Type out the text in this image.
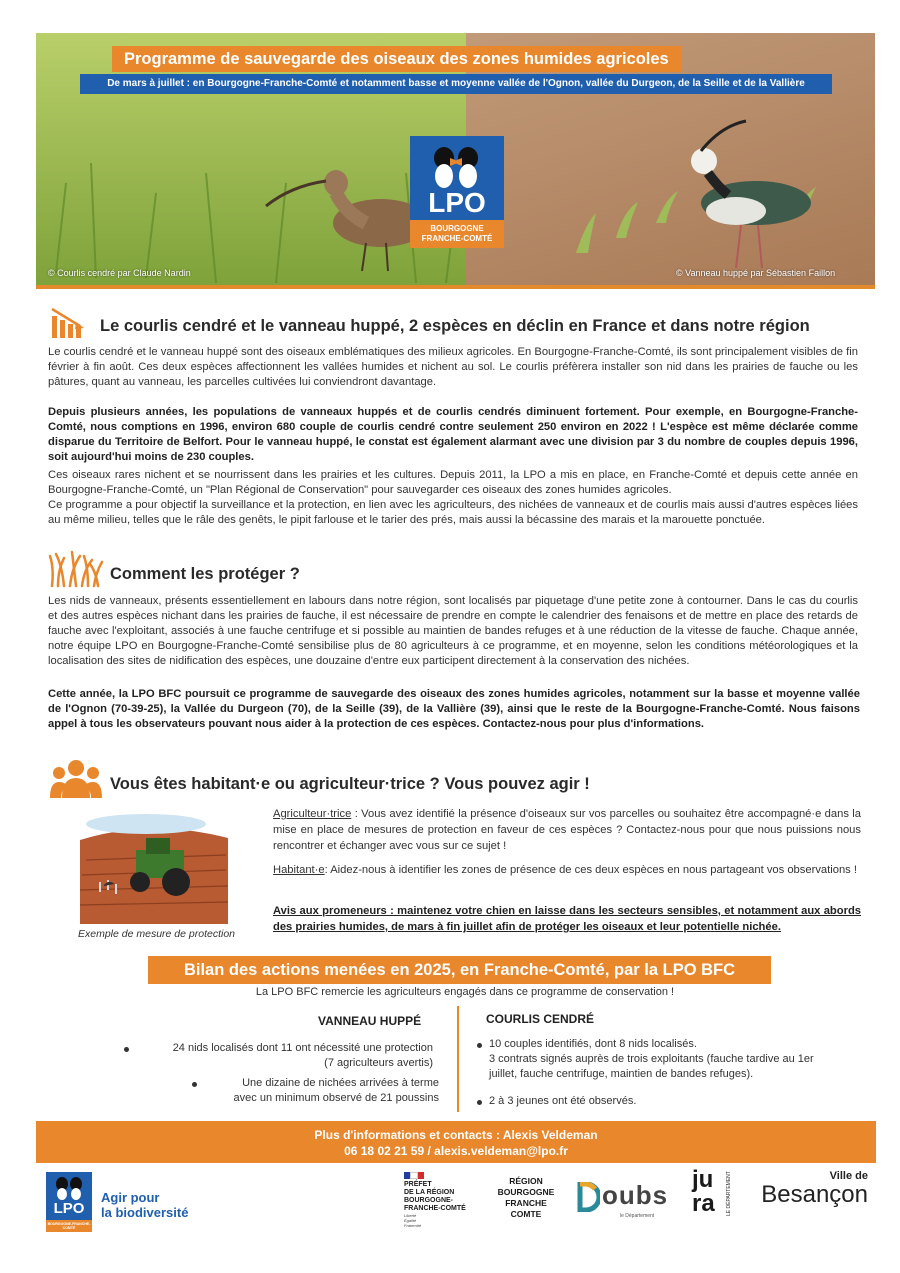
Programme de sauvegarde des oiseaux des zones humides agricoles
De mars à juillet : en Bourgogne-Franche-Comté et notamment basse et moyenne vallée de l'Ognon, vallée du Durgeon, de la Seille et de la Vallière
LPO
BOURGOGNE
FRANCHE-COMTÉ
© Courlis cendré par Claude Nardin	© Vanneau huppé par Sébastien Faillon
Le courlis cendré et le vanneau huppé, 2 espèces en déclin en France et dans notre région
Le courlis cendré et le vanneau huppé sont des oiseaux emblématiques des milieux agricoles. En Bourgogne-Franche-Comté, ils sont principalement visibles de fin février à fin août. Ces deux espèces affectionnent les vallées humides et nichent au sol. Le courlis préfèrera installer son nid dans les prairies de fauche ou les pâtures, quant au vanneau, les parcelles cultivées lui conviendront davantage.
Depuis plusieurs années, les populations de vanneaux huppés et de courlis cendrés diminuent fortement. Pour exemple, en Bourgogne-Franche-Comté, nous comptions en 1996, environ 680 couple de courlis cendré contre seulement 250 environ en 2022 ! L'espèce est même déclarée comme disparue du Territoire de Belfort. Pour le vanneau huppé, le constat est également alarmant avec une division par 3 du nombre de couples depuis 1996, soit aujourd'hui moins de 230 couples.
Ces oiseaux rares nichent et se nourrissent dans les prairies et les cultures. Depuis 2011, la LPO a mis en place, en Franche-Comté et depuis cette année en Bourgogne-Franche-Comté, un "Plan Régional de Conservation" pour sauvegarder ces oiseaux des zones humides agricoles.
Ce programme a pour objectif la surveillance et la protection, en lien avec les agriculteurs, des nichées de vanneaux et de courlis mais aussi d'autres espèces liées au même milieu, telles que le râle des genêts, le pipit farlouse et le tarier des prés, mais aussi la bécassine des marais et la marouette ponctuée.
Comment les protéger ?
Les nids de vanneaux, présents essentiellement en labours dans notre région, sont localisés par piquetage d'une petite zone à contourner. Dans le cas du courlis et des autres espèces nichant dans les prairies de fauche, il est nécessaire de prendre en compte le calendrier des fenaisons et de mettre en place des retards de fauche avec l'exploitant, associés à une fauche centrifuge et si possible au maintien de bandes refuges et à une réduction de la vitesse de fauche. Chaque année, notre équipe LPO en Bourgogne-Franche-Comté sensibilise plus de 80 agriculteurs à ce programme, et en moyenne, selon les conditions météorologiques et la localisation des sites de nidification des espèces, une douzaine d'entre eux participent directement à la conservation des nichées.
Cette année, la LPO BFC poursuit ce programme de sauvegarde des oiseaux des zones humides agricoles, notamment sur la basse et moyenne vallée de l'Ognon (70-39-25), la Vallée du Durgeon (70), de la Seille (39), de la Vallière (39), ainsi que le reste de la Bourgogne-Franche-Comté. Nous faisons appel à tous les observateurs pouvant nous aider à la protection de ces espèces. Contactez-nous pour plus d'informations.
Vous êtes habitant·e ou agriculteur·trice ? Vous pouvez agir !
Exemple de mesure de protection
Agriculteur·trice : Vous avez identifié la présence d'oiseaux sur vos parcelles ou souhaitez être accompagné·e dans la mise en place de mesures de protection en faveur de ces espèces ? Contactez-nous pour que nous puissions nous rencontrer et échanger avec vous sur ce sujet !
Habitant·e: Aidez-nous à identifier les zones de présence de ces deux espèces en nous partageant vos observations !
Avis aux promeneurs : maintenez votre chien en laisse dans les secteurs sensibles, et notamment aux abords des prairies humides, de mars à fin juillet afin de protéger les oiseaux et leur potentielle nichée.
Bilan des actions menées en 2025, en Franche-Comté, par la LPO BFC
La LPO BFC remercie les agriculteurs engagés dans ce programme de conservation !
VANNEAU HUPPÉ	COURLIS CENDRÉ
24 nids localisés dont 11 ont nécessité une protection
(7 agriculteurs avertis)
Une dizaine de nichées arrivées à terme
avec un minimum observé de 21 poussins
10 couples identifiés, dont 8 nids localisés.
3 contrats signés auprès de trois exploitants (fauche tardive au 1er
juillet, fauche centrifuge, maintien de bandes refuges).
2 à 3 jeunes ont été observés.
Plus d'informations et contacts : Alexis Veldeman
06 18 02 21 59 / alexis.veldeman@lpo.fr
LPO
BOURGOGNE-FRANCHE-COMTÉ
Agir pour
la biodiversité
PRÉFET
DE LA RÉGION
BOURGOGNE-
FRANCHE-COMTÉ
Liberté
Égalité
Fraternité
RÉGION
BOURGOGNE
FRANCHE
COMTE
oubs
le Département
ju
ra LE DÉPARTEMENT	Ville de
Besançon
